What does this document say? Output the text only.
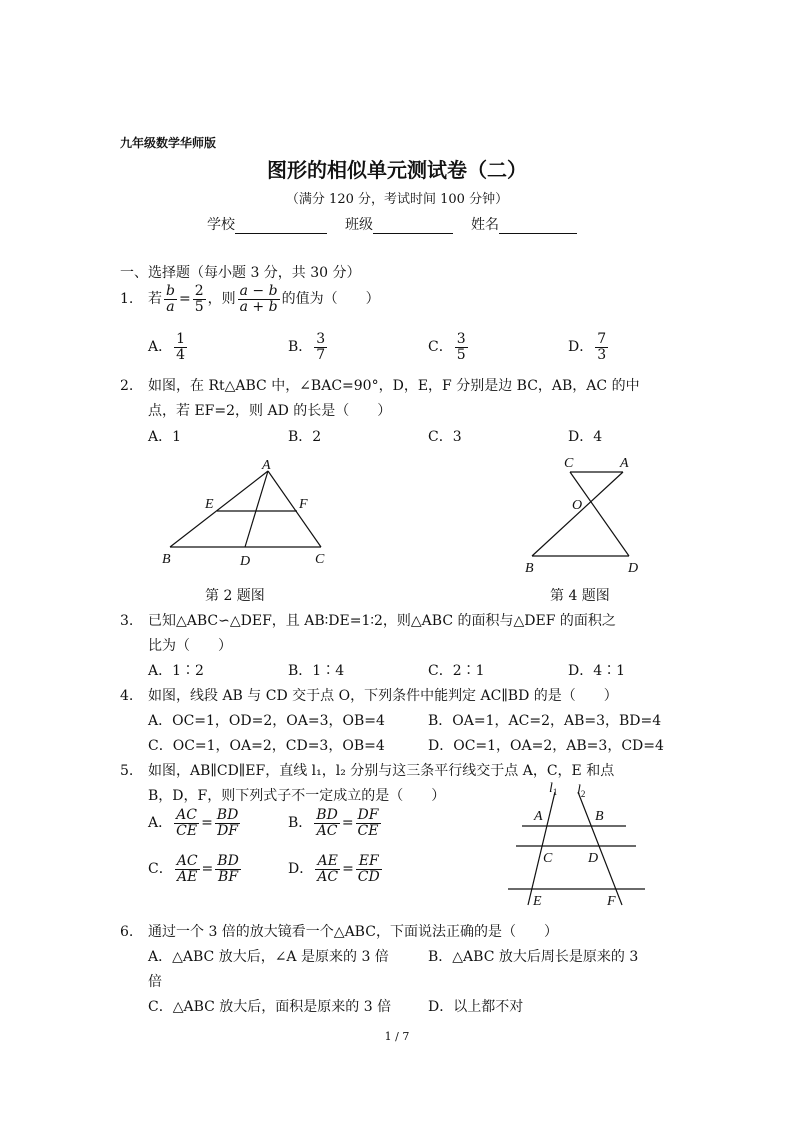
九年级数学华师版
图形的相似单元测试卷（二）
（满分 120 分，考试时间 100 分钟）
学校	班级	姓名
一、选择题（每小题 3 分，共 30 分）
1. 若 $\frac{b}{a} = \frac{2}{5}$ ，则 $\frac{a - b}{a + b}$ 的值为（　　）
A． $\frac{1}{4}$	B． $\frac{3}{7}$	C． $\frac{3}{5}$	D． $\frac{7}{3}$
2. 如图，在 Rt△ABC 中，∠BAC=90°，D，E，F 分别是边 BC，AB，AC 的中
点，若 EF=2，则 AD 的长是（　　）
A．1	B．2	C．3	D．4
A
E	F
B	D	C
第 2 题图
C	A
O
B	D
第 4 题图
3. 已知△ABC∽△DEF，且 AB∶DE=1∶2，则△ABC 的面积与△DEF 的面积之
比为（　　）
A．1∶2	B．1∶4	C．2∶1	D．4∶1
4. 如图，线段 AB 与 CD 交于点 O，下列条件中能判定 AC∥BD 的是（　　）
A．OC=1，OD=2，OA=3，OB=4	B．OA=1，AC=2，AB=3，BD=4
C．OC=1，OA=2，CD=3，OB=4	D．OC=1，OA=2，AB=3，CD=4
5. 如图，AB∥CD∥EF，直线 l₁，l₂ 分别与这三条平行线交于点 A，C，E 和点
B，D，F，则下列式子不一定成立的是（　　）
A． $\frac{AC}{CE} = \frac{BD}{DF}$	B． $\frac{BD}{AC} = \frac{DF}{CE}$
C． $\frac{AC}{AE} = \frac{BD}{BF}$	D． $\frac{AE}{AC} = \frac{EF}{CD}$
$l_1$ $l_2$
A	B
C	D
E	F
6. 通过一个 3 倍的放大镜看一个△ABC，下面说法正确的是（　　）
A．△ABC 放大后，∠A 是原来的 3 倍	B．△ABC 放大后周长是原来的 3
倍
C．△ABC 放大后，面积是原来的 3 倍	D．以上都不对
1 / 7
